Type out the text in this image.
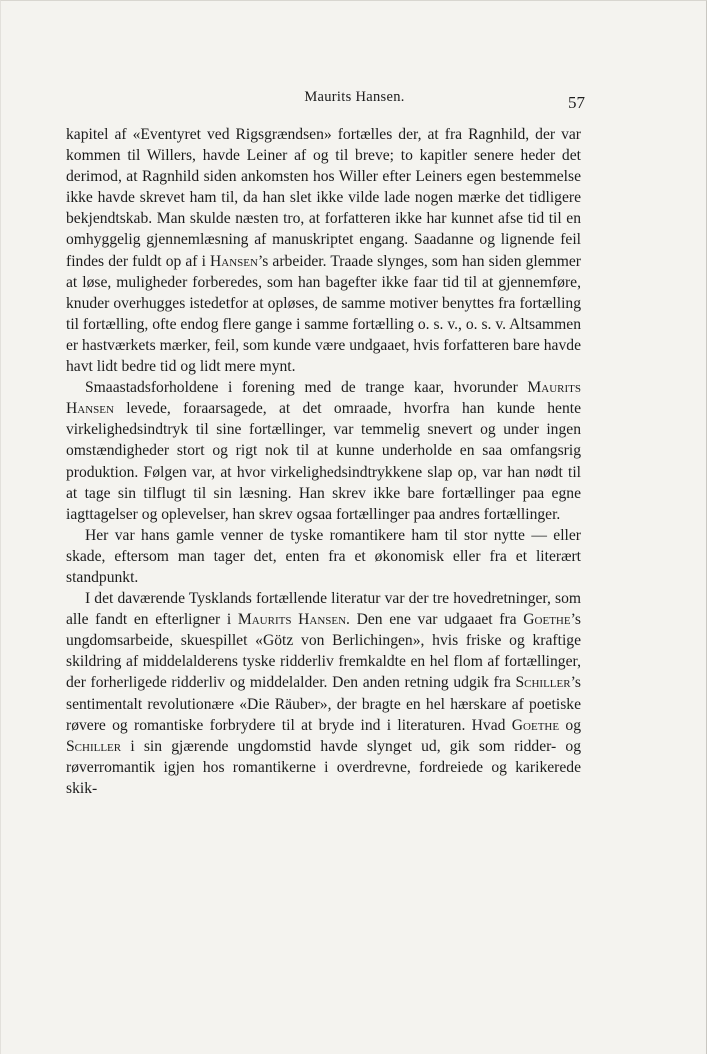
Maurits Hansen.	57

kapitel af «Eventyret ved Rigsgrændsen» fortælles der, at fra Ragnhild, der var kommen til Willers, havde Leiner af og til breve; to kapitler senere heder det derimod, at Ragnhild siden ankomsten hos Willer efter Leiners egen bestemmelse ikke havde skrevet ham til, da han slet ikke vilde lade nogen mærke det tidligere bekjendtskab. Man skulde næsten tro, at forfatteren ikke har kunnet afse tid til en omhyggelig gjennemlæsning af manuskriptet engang. Saadanne og lignende feil findes der fuldt op af i Hansen’s arbeider. Traade slynges, som han siden glemmer at løse, muligheder forberedes, som han bagefter ikke faar tid til at gjennemføre, knuder overhugges istedetfor at opløses, de samme motiver benyttes fra fortælling til fortælling, ofte endog flere gange i samme fortælling o. s. v., o. s. v. Altsammen er hastværkets mærker, feil, som kunde være undgaaet, hvis forfatteren bare havde havt lidt bedre tid og lidt mere mynt.

Smaastadsforholdene i forening med de trange kaar, hvorunder Maurits Hansen levede, foraarsagede, at det omraade, hvorfra han kunde hente virkelighedsindtryk til sine fortællinger, var temmelig snevert og under ingen omstændigheder stort og rigt nok til at kunne underholde en saa omfangsrig produktion. Følgen var, at hvor virkelighedsindtrykkene slap op, var han nødt til at tage sin tilflugt til sin læsning. Han skrev ikke bare fortællinger paa egne iagttagelser og oplevelser, han skrev ogsaa fortællinger paa andres fortællinger.

Her var hans gamle venner de tyske romantikere ham til stor nytte — eller skade, eftersom man tager det, enten fra et økonomisk eller fra et literært standpunkt.

I det daværende Tysklands fortællende literatur var der tre hovedretninger, som alle fandt en efterligner i Maurits Hansen. Den ene var udgaaet fra Goethe’s ungdomsarbeide, skuespillet «Götz von Berlichingen», hvis friske og kraftige skildring af middelalderens tyske ridderliv fremkaldte en hel flom af fortællinger, der forherligede ridderliv og middelalder. Den anden retning udgik fra Schiller’s sentimentalt revolutionære «Die Räuber», der bragte en hel hærskare af poetiske røvere og romantiske forbrydere til at bryde ind i literaturen. Hvad Goethe og Schiller i sin gjærende ungdomstid havde slynget ud, gik som ridder- og røverromantik igjen hos romantikerne i overdrevne, fordreiede og karikerede skik-
